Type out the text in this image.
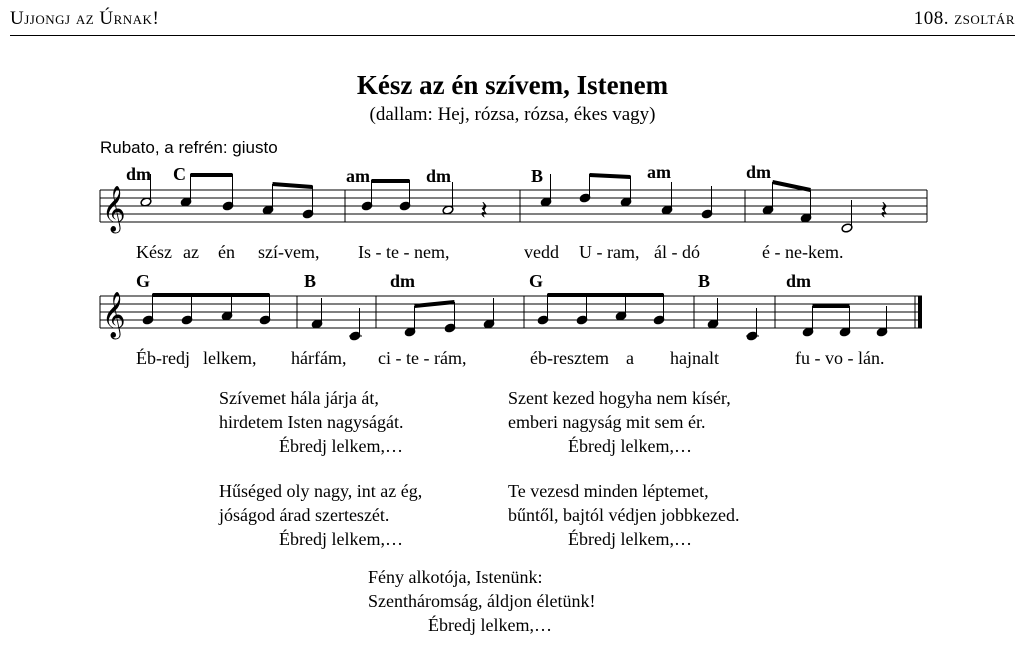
Ujjongj az Úrnak!	108. zsoltár
Kész az én szívem, Istenem
(dallam: Hej, rózsa, rózsa, ékes vagy)
Rubato, a refrén: giusto
dm C	am	dm	B	am	dm
Kész az én szí-vem, Is - te - nem,	vedd U - ram, ál - dó	é - ne-kem.
G	B	dm	G	B	dm
Éb-redj lelkem, hárfám, ci - te - rám,	éb-resztem a hajnalt	fu - vo - lán.
𝄞
𝄞
𝄽	𝄽
Szívemet hála járja át,
hirdetem Isten nagyságát.
Ébredj lelkem,…
Szent kezed hogyha nem kísér,
emberi nagyság mit sem ér.
Ébredj lelkem,…
Hűséged oly nagy, int az ég,
jóságod árad szerteszét.
Ébredj lelkem,…
Te vezesd minden léptemet,
bűntől, bajtól védjen jobbkezed.
Ébredj lelkem,…
Fény alkotója, Istenünk:
Szentháromság, áldjon életünk!
Ébredj lelkem,…
